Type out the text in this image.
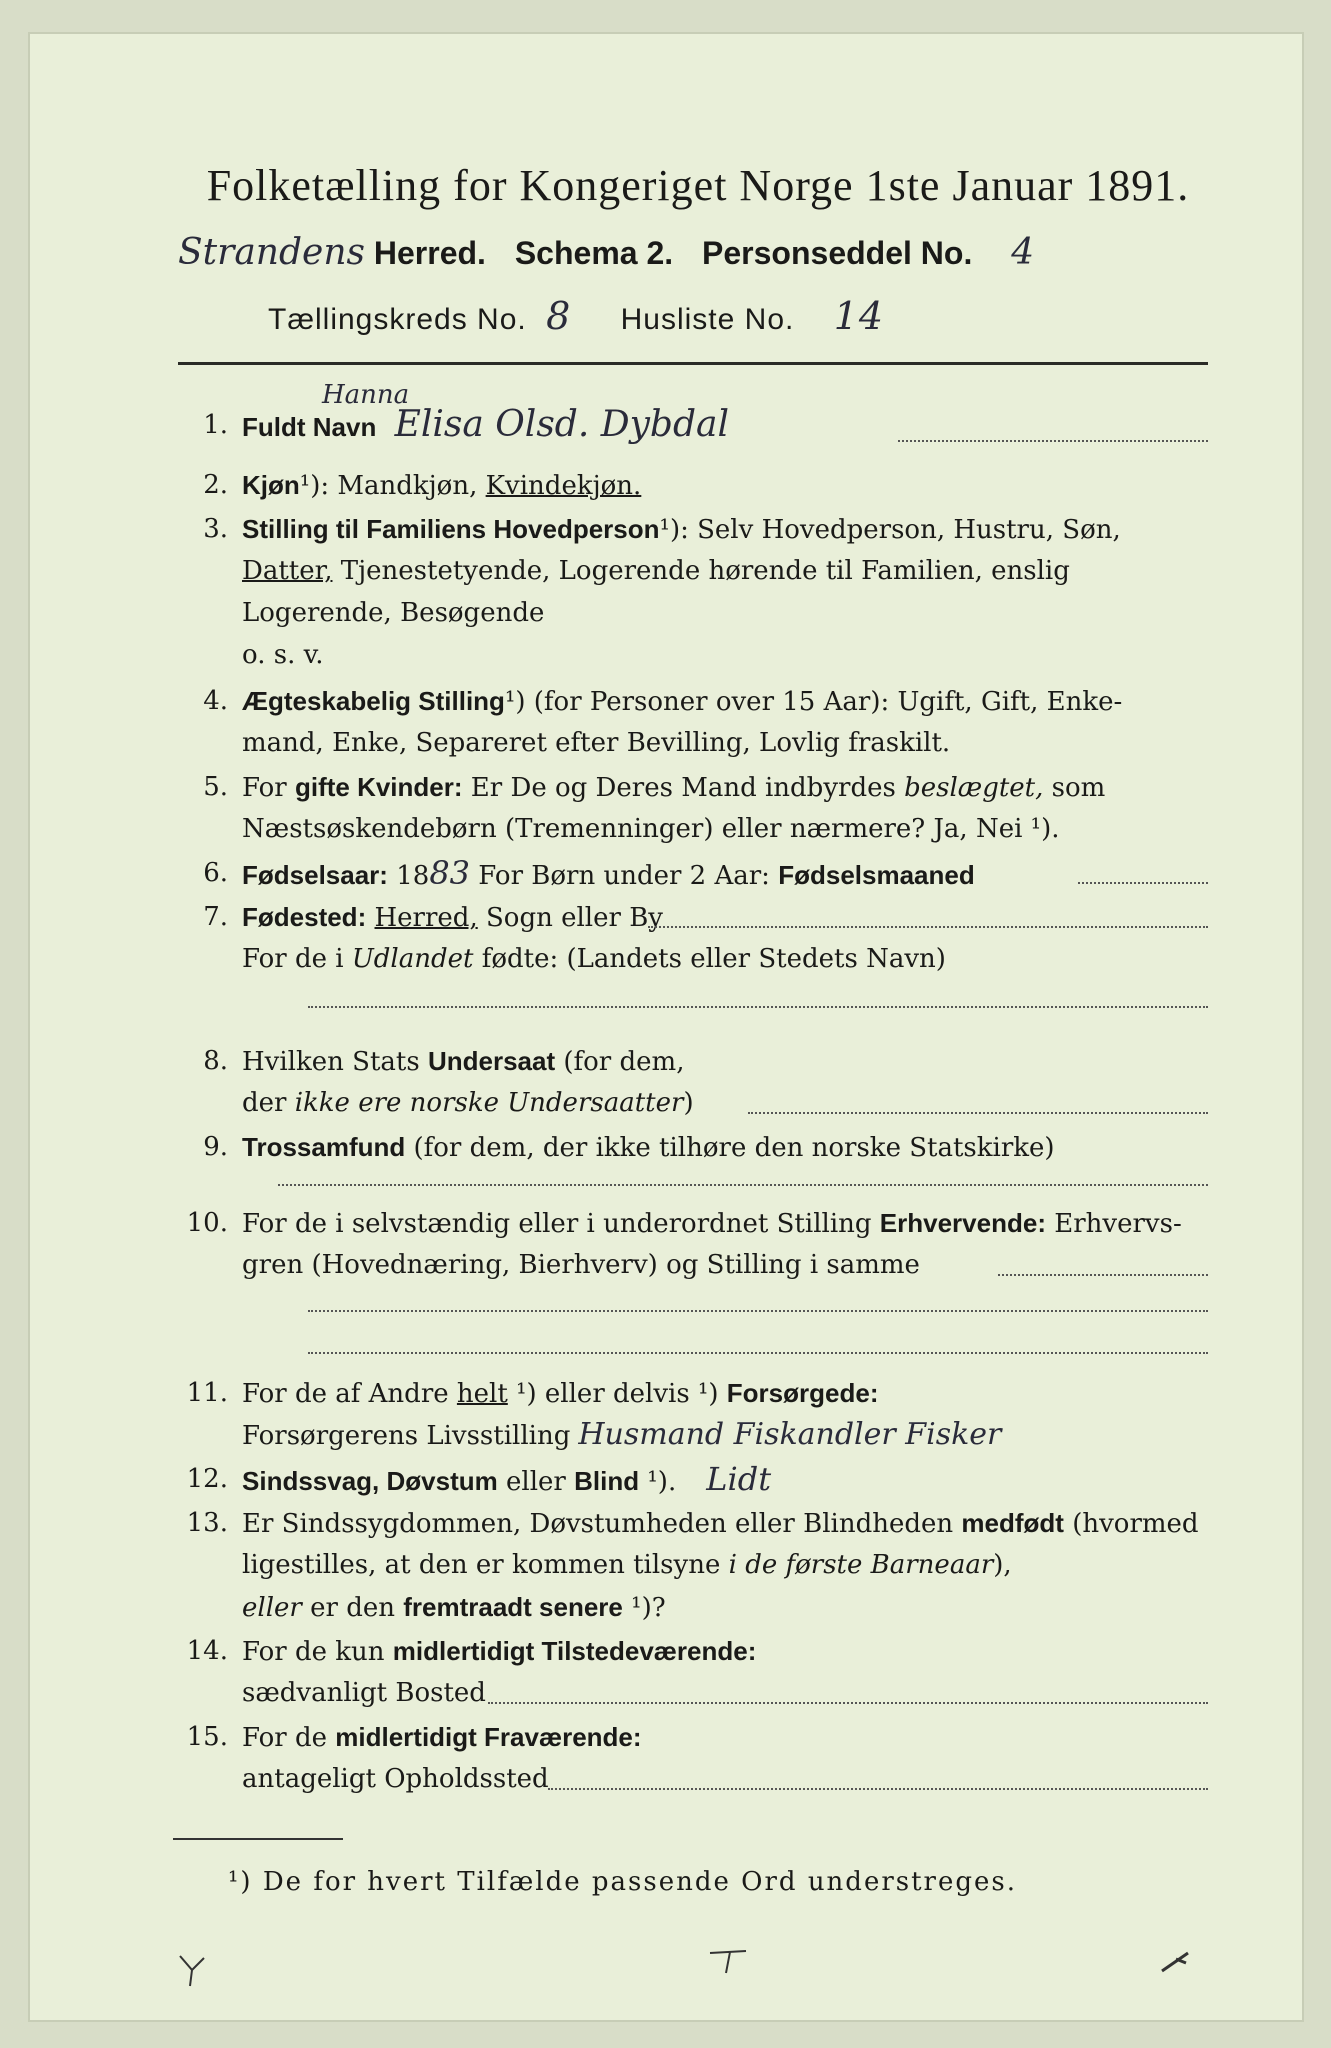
Folketælling for Kongeriget Norge 1ste Januar 1891.
Strandens Herred. Schema 2. Personseddel No. 4
Tællingskreds No. 8 Husliste No. 14
1. Fuldt Navn
Hanna
Elisa Olsd. Dybdal
2. Kjøn¹): Mandkjøn, Kvindekjøn.
3. Stilling til Familiens Hovedperson¹): Selv Hovedperson, Hustru, Søn,
Datter, Tjenestetyende, Logerende hørende til Familien, enslig
Logerende, Besøgende
o. s. v.
4. Ægteskabelig Stilling¹) (for Personer over 15 Aar): Ugift, Gift, Enke-
mand, Enke, Separeret efter Bevilling, Lovlig fraskilt.
5. For gifte Kvinder: Er De og Deres Mand indbyrdes beslægtet, som
Næstsøskendebørn (Tremenninger) eller nærmere? Ja, Nei ¹).
6. Fødselsaar: 1883 For Børn under 2 Aar: Fødselsmaaned
7. Fødested: Herred, Sogn eller By
For de i Udlandet fødte: (Landets eller Stedets Navn)
8. Hvilken Stats Undersaat (for dem,
der ikke ere norske Undersaatter)
9. Trossamfund (for dem, der ikke tilhøre den norske Statskirke)
10. For de i selvstændig eller i underordnet Stilling Erhvervende: Erhvervs-
gren (Hovednæring, Bierhverv) og Stilling i samme
11. For de af Andre helt ¹) eller delvis ¹) Forsørgede:
Forsørgerens Livsstilling Husmand Fiskandler Fisker
12. Sindssvag, Døvstum eller Blind ¹). Lidt
13. Er Sindssygdommen, Døvstumheden eller Blindheden medfødt (hvormed
ligestilles, at den er kommen tilsyne i de første Barneaar),
eller er den fremtraadt senere ¹)?
14. For de kun midlertidigt Tilstedeværende:
sædvanligt Bosted
15. For de midlertidigt Fraværende:
antageligt Opholdssted
¹) De for hvert Tilfælde passende Ord understreges.
